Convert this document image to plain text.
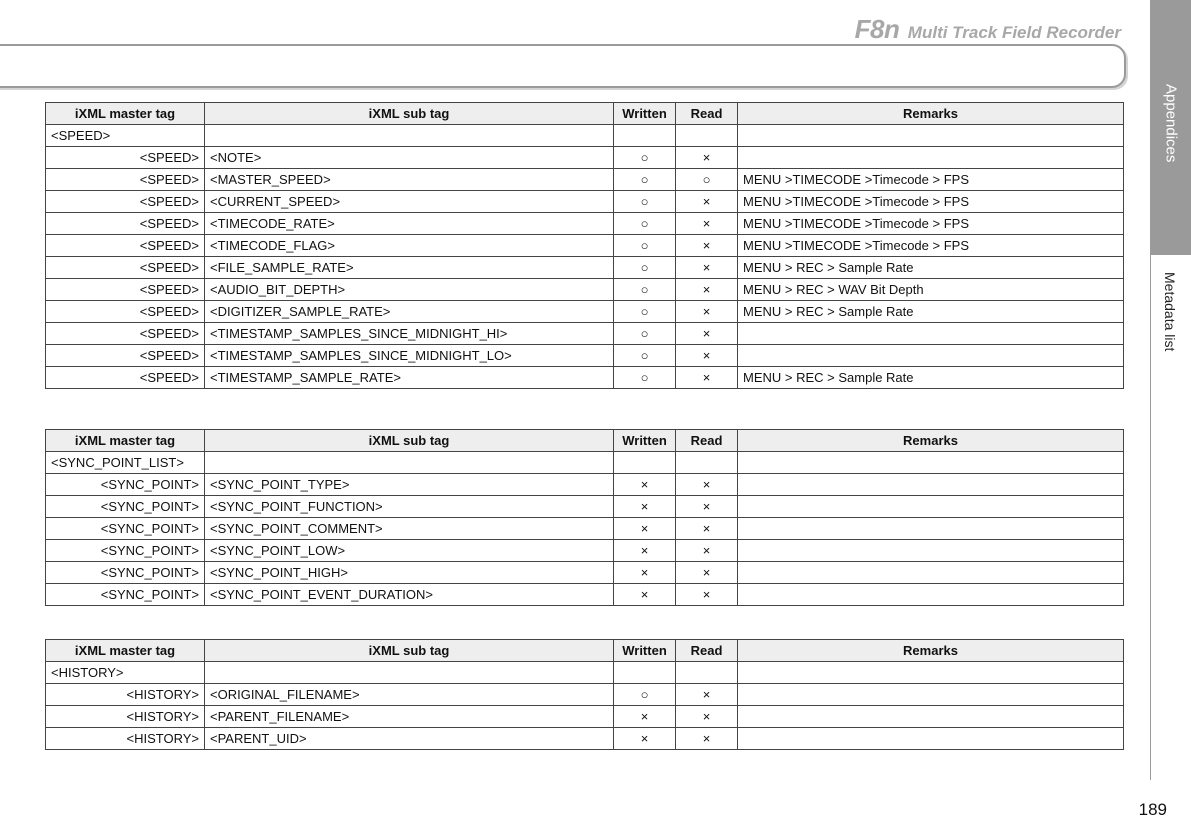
F8n Multi Track Field Recorder
Appendices
Metadata list
189
iXML master tag	iXML sub tag	Written	Read	Remarks
<SPEED>				
<SPEED>	<NOTE>	○	×	
<SPEED>	<MASTER_SPEED>	○	○	MENU >TIMECODE >Timecode > FPS
<SPEED>	<CURRENT_SPEED>	○	×	MENU >TIMECODE >Timecode > FPS
<SPEED>	<TIMECODE_RATE>	○	×	MENU >TIMECODE >Timecode > FPS
<SPEED>	<TIMECODE_FLAG>	○	×	MENU >TIMECODE >Timecode > FPS
<SPEED>	<FILE_SAMPLE_RATE>	○	×	MENU > REC > Sample Rate
<SPEED>	<AUDIO_BIT_DEPTH>	○	×	MENU > REC > WAV Bit Depth
<SPEED>	<DIGITIZER_SAMPLE_RATE>	○	×	MENU > REC > Sample Rate
<SPEED>	<TIMESTAMP_SAMPLES_SINCE_MIDNIGHT_HI>	○	×	
<SPEED>	<TIMESTAMP_SAMPLES_SINCE_MIDNIGHT_LO>	○	×	
<SPEED>	<TIMESTAMP_SAMPLE_RATE>	○	×	MENU > REC > Sample Rate
iXML master tag	iXML sub tag	Written	Read	Remarks
<SYNC_POINT_LIST>				
<SYNC_POINT>	<SYNC_POINT_TYPE>	×	×	
<SYNC_POINT>	<SYNC_POINT_FUNCTION>	×	×	
<SYNC_POINT>	<SYNC_POINT_COMMENT>	×	×	
<SYNC_POINT>	<SYNC_POINT_LOW>	×	×	
<SYNC_POINT>	<SYNC_POINT_HIGH>	×	×	
<SYNC_POINT>	<SYNC_POINT_EVENT_DURATION>	×	×	
iXML master tag	iXML sub tag	Written	Read	Remarks
<HISTORY>				
<HISTORY>	<ORIGINAL_FILENAME>	○	×	
<HISTORY>	<PARENT_FILENAME>	×	×	
<HISTORY>	<PARENT_UID>	×	×	
